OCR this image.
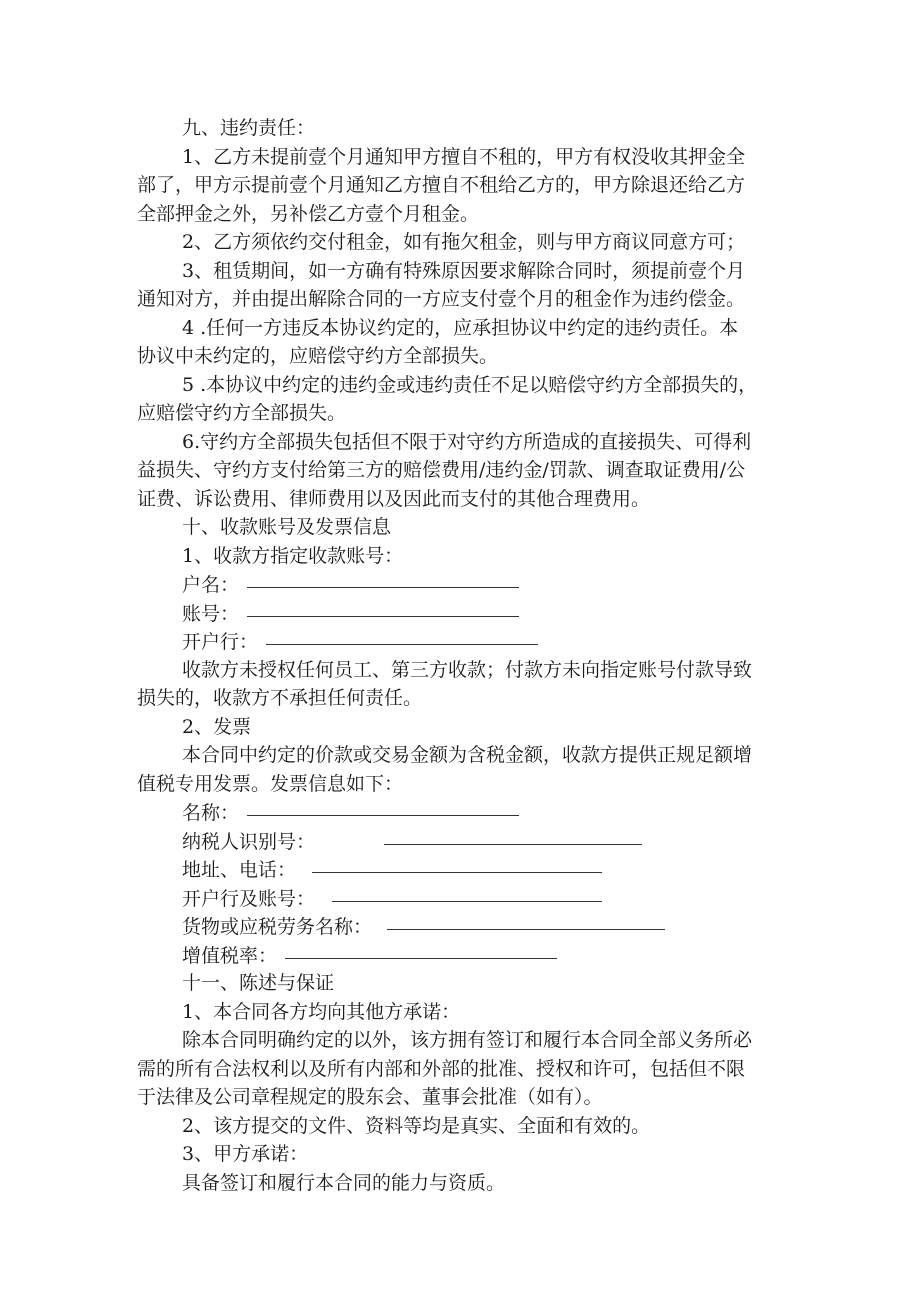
九、违约责任：
1、乙方未提前壹个月通知甲方擅自不租的，甲方有权没收其押金全
部了，甲方示提前壹个月通知乙方擅自不租给乙方的，甲方除退还给乙方
全部押金之外，另补偿乙方壹个月租金。
2、乙方须依约交付租金，如有拖欠租金，则与甲方商议同意方可；
3、租赁期间，如一方确有特殊原因要求解除合同时，须提前壹个月
通知对方，并由提出解除合同的一方应支付壹个月的租金作为违约偿金。
4 .任何一方违反本协议约定的，应承担协议中约定的违约责任。本
协议中未约定的，应赔偿守约方全部损失。
5 .本协议中约定的违约金或违约责任不足以赔偿守约方全部损失的，
应赔偿守约方全部损失。
6.守约方全部损失包括但不限于对守约方所造成的直接损失、可得利
益损失、守约方支付给第三方的赔偿费用/违约金/罚款、调查取证费用/公
证费、诉讼费用、律师费用以及因此而支付的其他合理费用。
十、收款账号及发票信息
1、收款方指定收款账号：
户名：
账号：
开户行：
收款方未授权任何员工、第三方收款；付款方未向指定账号付款导致
损失的，收款方不承担任何责任。
2、发票
本合同中约定的价款或交易金额为含税金额，收款方提供正规足额增
值税专用发票。发票信息如下：
名称：
纳税人识别号：
地址、电话：
开户行及账号：
货物或应税劳务名称：
增值税率：
十一、陈述与保证
1、本合同各方均向其他方承诺：
除本合同明确约定的以外，该方拥有签订和履行本合同全部义务所必
需的所有合法权利以及所有内部和外部的批准、授权和许可，包括但不限
于法律及公司章程规定的股东会、董事会批准（如有）。
2、该方提交的文件、资料等均是真实、全面和有效的。
3、甲方承诺：
具备签订和履行本合同的能力与资质。
